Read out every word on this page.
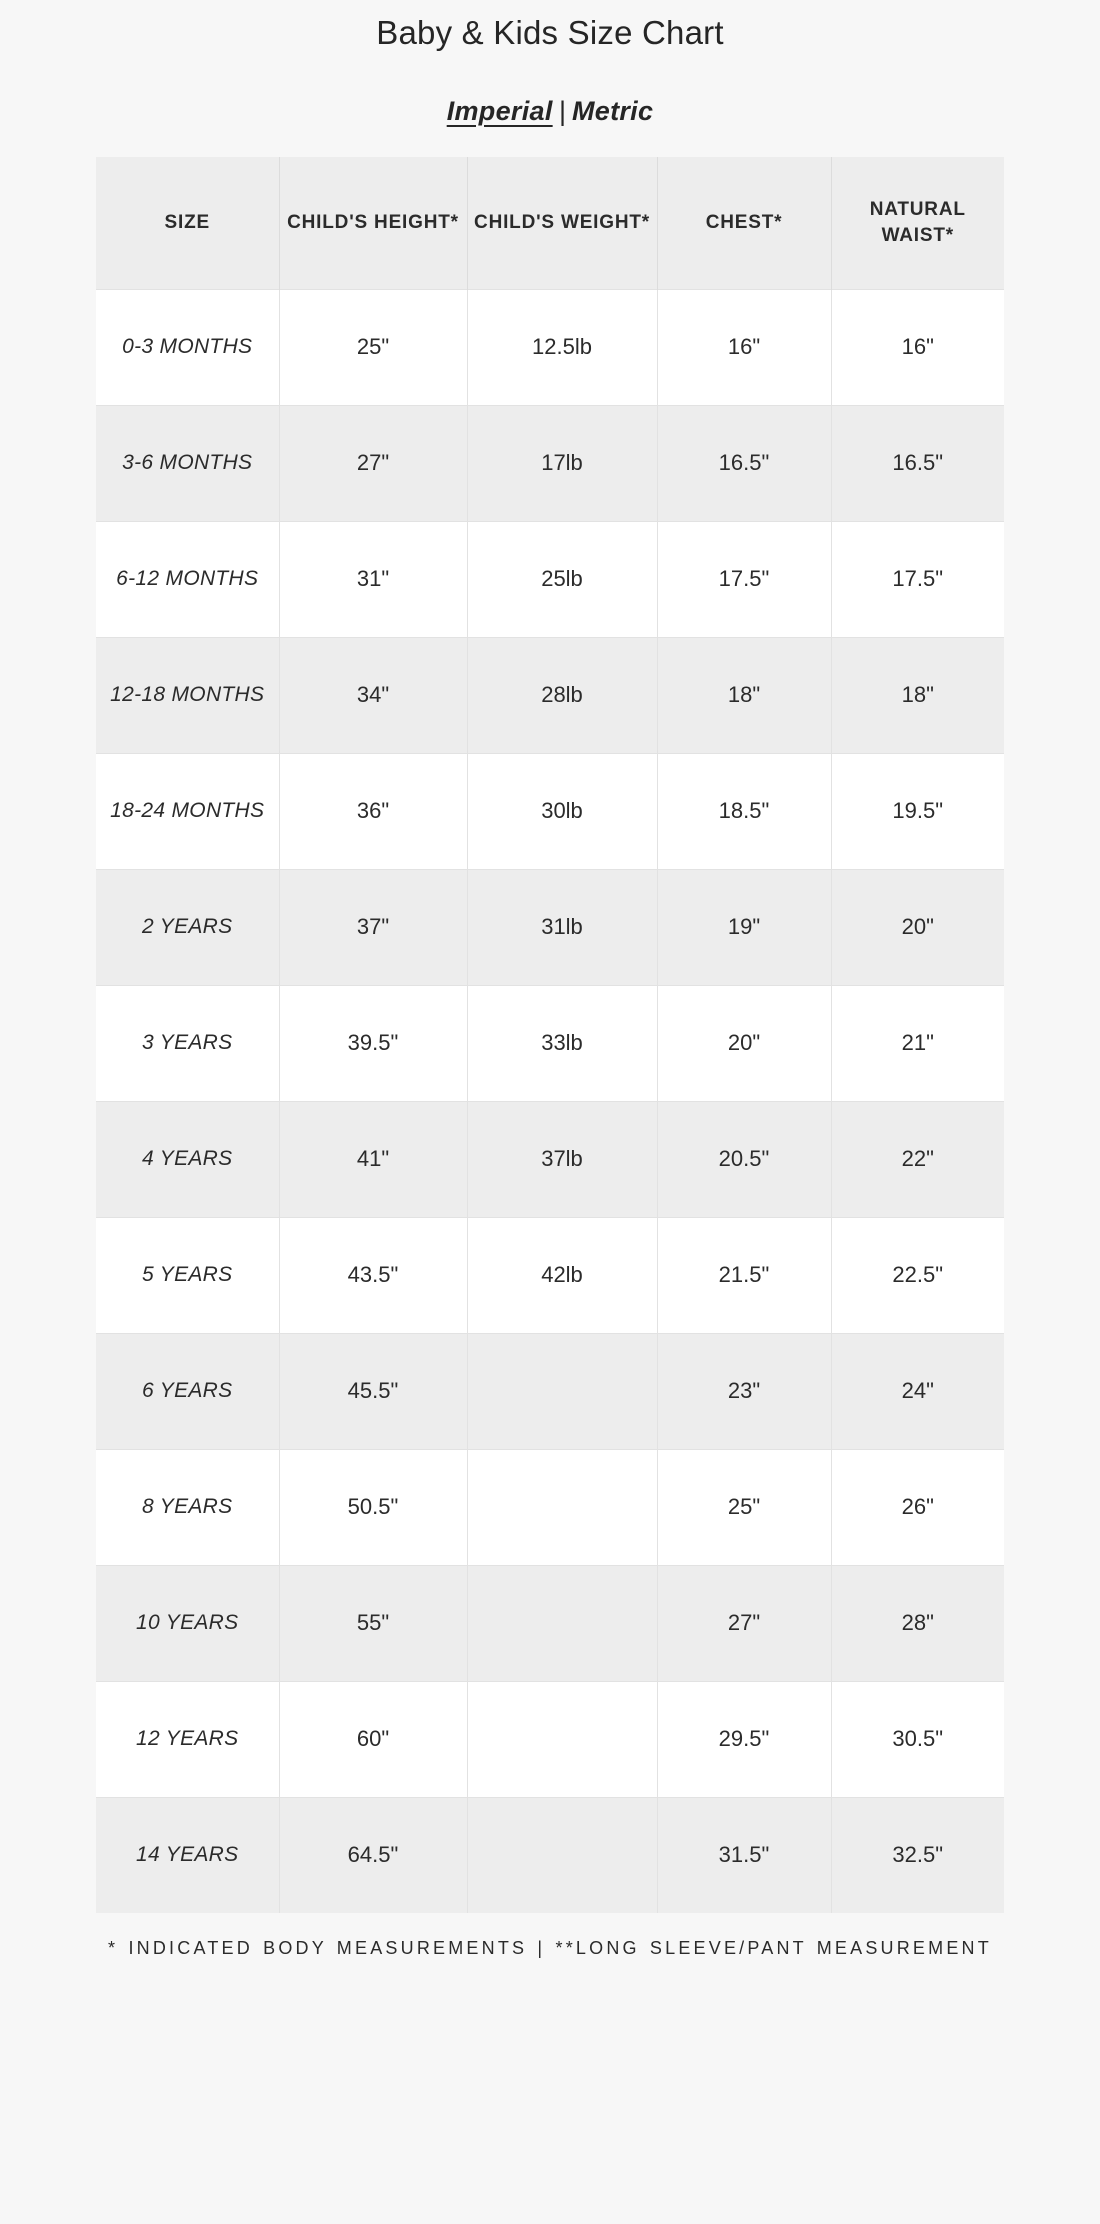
Baby & Kids Size Chart
Imperial | Metric
SIZE	CHILD'S HEIGHT*	CHILD'S WEIGHT*	CHEST*	NATURAL WAIST*
0-3 MONTHS	25"	12.5lb	16"	16"
3-6 MONTHS	27"	17lb	16.5"	16.5"
6-12 MONTHS	31"	25lb	17.5"	17.5"
12-18 MONTHS	34"	28lb	18"	18"
18-24 MONTHS	36"	30lb	18.5"	19.5"
2 YEARS	37"	31lb	19"	20"
3 YEARS	39.5"	33lb	20"	21"
4 YEARS	41"	37lb	20.5"	22"
5 YEARS	43.5"	42lb	21.5"	22.5"
6 YEARS	45.5"		23"	24"
8 YEARS	50.5"		25"	26"
10 YEARS	55"		27"	28"
12 YEARS	60"		29.5"	30.5"
14 YEARS	64.5"		31.5"	32.5"
* INDICATED BODY MEASUREMENTS | **LONG SLEEVE/PANT MEASUREMENT
